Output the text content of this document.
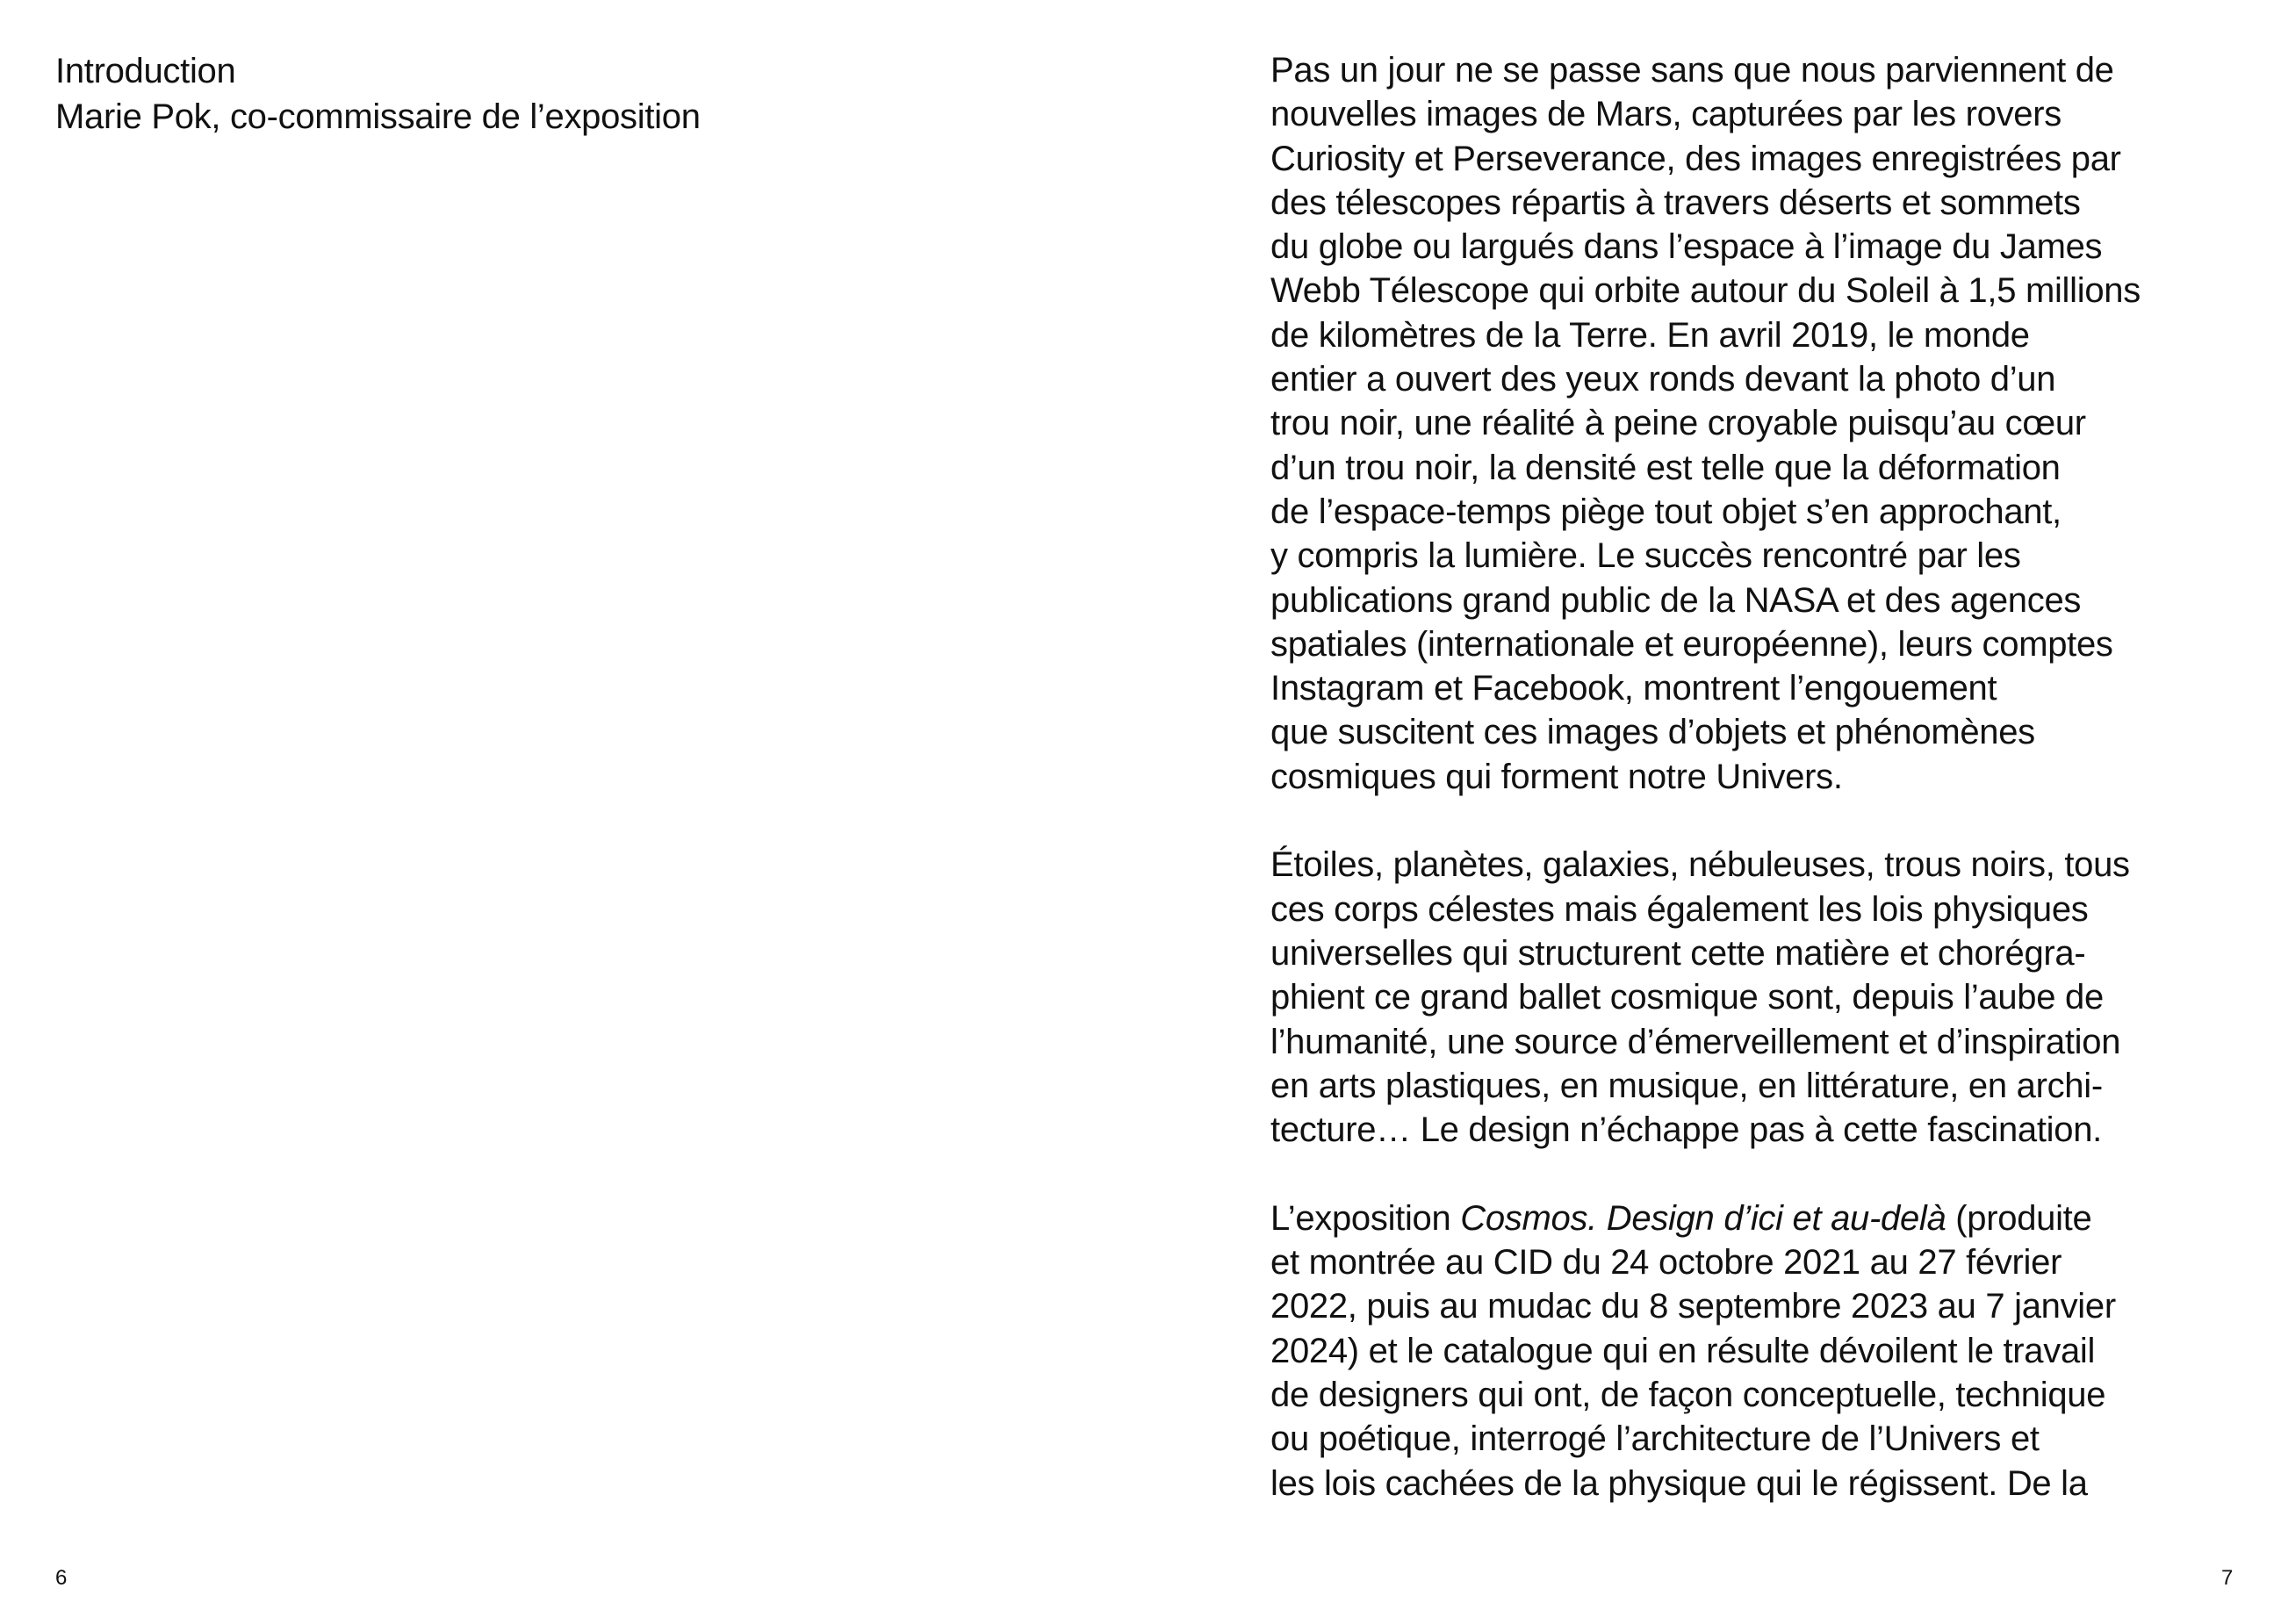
Introduction
Marie Pok, co-commissaire de l’exposition
Pas un jour ne se passe sans que nous parviennent de
nouvelles images de Mars, capturées par les rovers
Curiosity et Perseverance, des images enregistrées par
des télescopes répartis à travers déserts et sommets
du globe ou largués dans l’espace à l’image du James
Webb Télescope qui orbite autour du Soleil à 1,5 millions
de kilomètres de la Terre. En avril 2019, le monde
entier a ouvert des yeux ronds devant la photo d’un
trou noir, une réalité à peine croyable puisqu’au cœur
d’un trou noir, la densité est telle que la déformation
de l’espace-temps piège tout objet s’en approchant,
y compris la lumière. Le succès rencontré par les
publications grand public de la NASA et des agences
spatiales (internationale et européenne), leurs comptes
Instagram et Facebook, montrent l’engouement
que suscitent ces images d’objets et phénomènes
cosmiques qui forment notre Univers.
Étoiles, planètes, galaxies, nébuleuses, trous noirs, tous
ces corps célestes mais également les lois physiques
universelles qui structurent cette matière et chorégra-
phient ce grand ballet cosmique sont, depuis l’aube de
l’humanité, une source d’émerveillement et d’inspiration
en arts plastiques, en musique, en littérature, en archi-
tecture… Le design n’échappe pas à cette fascination.
L’exposition Cosmos. Design d’ici et au-delà (produite
et montrée au CID du 24 octobre 2021 au 27 février
2022, puis au mudac du 8 septembre 2023 au 7 janvier
2024) et le catalogue qui en résulte dévoilent le travail
de designers qui ont, de façon conceptuelle, technique
ou poétique, interrogé l’architecture de l’Univers et
les lois cachées de la physique qui le régissent. De la
6	7
